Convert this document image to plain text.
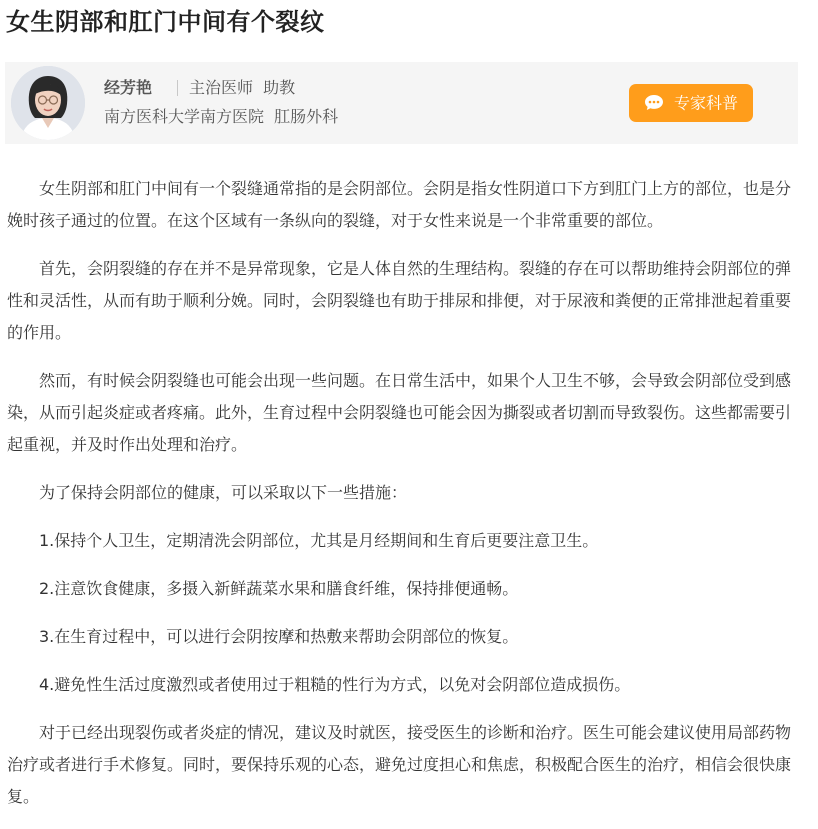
女生阴部和肛门中间有个裂纹
经芳艳 主治医师  助教
南方医科大学南方医院  肛肠外科
专家科普

女生阴部和肛门中间有一个裂缝通常指的是会阴部位。会阴是指女性阴道口下方到肛门上方的部位，也是分娩时孩子通过的位置。在这个区域有一条纵向的裂缝，对于女性来说是一个非常重要的部位。

首先，会阴裂缝的存在并不是异常现象，它是人体自然的生理结构。裂缝的存在可以帮助维持会阴部位的弹性和灵活性，从而有助于顺利分娩。同时，会阴裂缝也有助于排尿和排便，对于尿液和粪便的正常排泄起着重要的作用。

然而，有时候会阴裂缝也可能会出现一些问题。在日常生活中，如果个人卫生不够，会导致会阴部位受到感染，从而引起炎症或者疼痛。此外，生育过程中会阴裂缝也可能会因为撕裂或者切割而导致裂伤。这些都需要引起重视，并及时作出处理和治疗。

为了保持会阴部位的健康，可以采取以下一些措施：

1.保持个人卫生，定期清洗会阴部位，尤其是月经期间和生育后更要注意卫生。

2.注意饮食健康，多摄入新鲜蔬菜水果和膳食纤维，保持排便通畅。

3.在生育过程中，可以进行会阴按摩和热敷来帮助会阴部位的恢复。

4.避免性生活过度激烈或者使用过于粗糙的性行为方式，以免对会阴部位造成损伤。

对于已经出现裂伤或者炎症的情况，建议及时就医，接受医生的诊断和治疗。医生可能会建议使用局部药物治疗或者进行手术修复。同时，要保持乐观的心态，避免过度担心和焦虑，积极配合医生的治疗，相信会很快康复。
